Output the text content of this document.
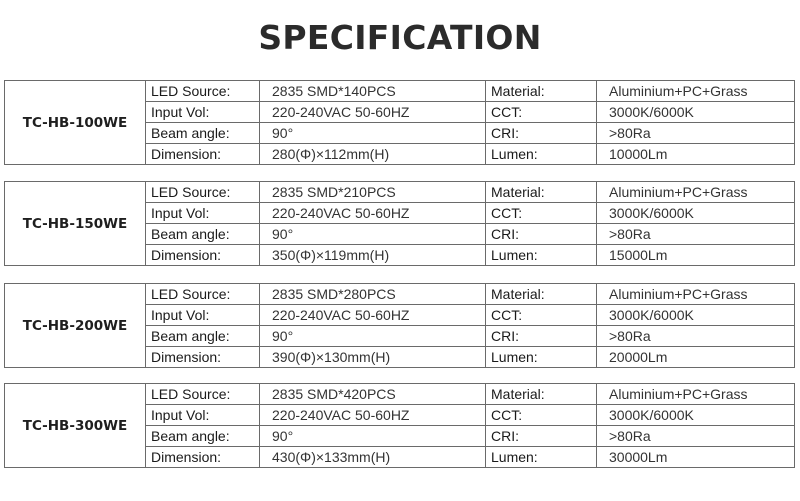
SPECIFICATION
TC-HB-100WE	LED Source:	2835 SMD*140PCS	Material:	Aluminium+PC+Grass
	Input Vol:	220-240VAC 50-60HZ	CCT:	3000K/6000K
	Beam angle:	90°	CRI:	>80Ra
	Dimension:	280(Φ)×112mm(H)	Lumen:	10000Lm
TC-HB-150WE	LED Source:	2835 SMD*210PCS	Material:	Aluminium+PC+Grass
	Input Vol:	220-240VAC 50-60HZ	CCT:	3000K/6000K
	Beam angle:	90°	CRI:	>80Ra
	Dimension:	350(Φ)×119mm(H)	Lumen:	15000Lm
TC-HB-200WE	LED Source:	2835 SMD*280PCS	Material:	Aluminium+PC+Grass
	Input Vol:	220-240VAC 50-60HZ	CCT:	3000K/6000K
	Beam angle:	90°	CRI:	>80Ra
	Dimension:	390(Φ)×130mm(H)	Lumen:	20000Lm
TC-HB-300WE	LED Source:	2835 SMD*420PCS	Material:	Aluminium+PC+Grass
	Input Vol:	220-240VAC 50-60HZ	CCT:	3000K/6000K
	Beam angle:	90°	CRI:	>80Ra
	Dimension:	430(Φ)×133mm(H)	Lumen:	30000Lm
